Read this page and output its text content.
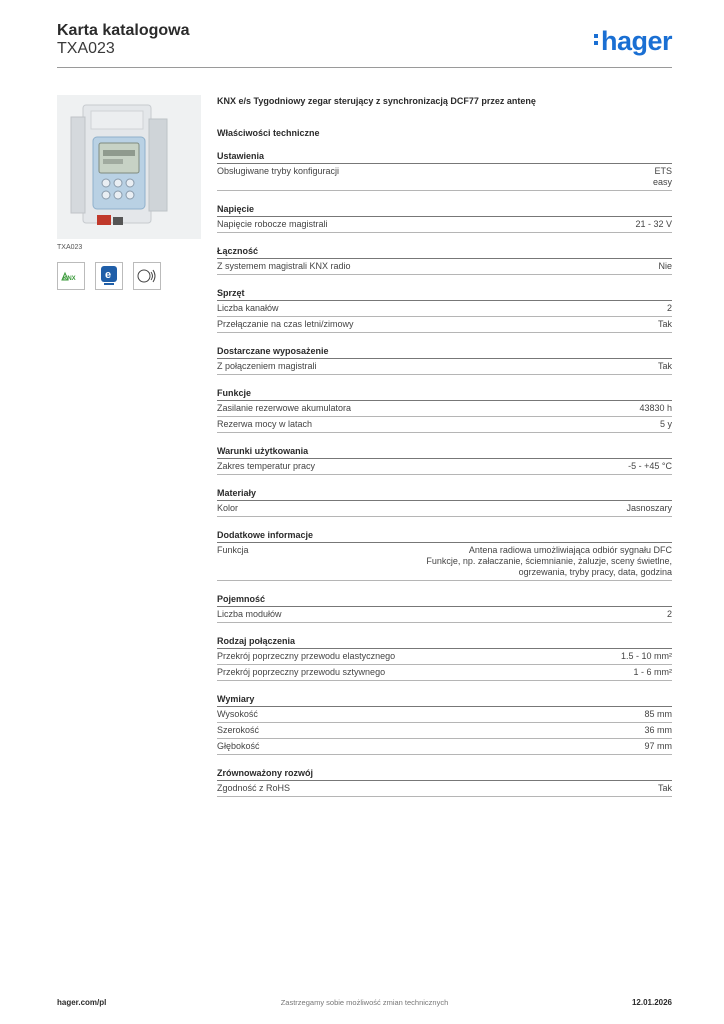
Karta katalogowa
TXA023	hager
TXA023
KNX	e
KNX e/s Tygodniowy zegar sterujący z synchronizacją DCF77 przez antenę
Właściwości techniczne
Ustawienia
Obsługiwane tryby konfiguracji	ETS
easy
Napięcie
Napięcie robocze magistrali	21 - 32 V
Łączność
Z systemem magistrali KNX radio	Nie
Sprzęt
Liczba kanałów	2
Przełączanie na czas letni/zimowy	Tak
Dostarczane wyposażenie
Z połączeniem magistrali	Tak
Funkcje
Zasilanie rezerwowe akumulatora	43830 h
Rezerwa mocy w latach	5 y
Warunki użytkowania
Zakres temperatur pracy	-5 - +45 °C
Materiały
Kolor	Jasnoszary
Dodatkowe informacje
Funkcja	Antena radiowa umożliwiająca odbiór sygnału DFC
Funkcje, np. załaczanie, ściemnianie, żaluzje, sceny świetlne,
ogrzewania, tryby pracy, data, godzina
Pojemność
Liczba modułów	2
Rodzaj połączenia
Przekrój poprzeczny przewodu elastycznego	1.5 - 10 mm²
Przekrój poprzeczny przewodu sztywnego	1 - 6 mm²
Wymiary
Wysokość	85 mm
Szerokość	36 mm
Głębokość	97 mm
Zrównoważony rozwój
Zgodność z RoHS	Tak
hager.com/pl	Zastrzegamy sobie możliwość zmian technicznych	12.01.2026
